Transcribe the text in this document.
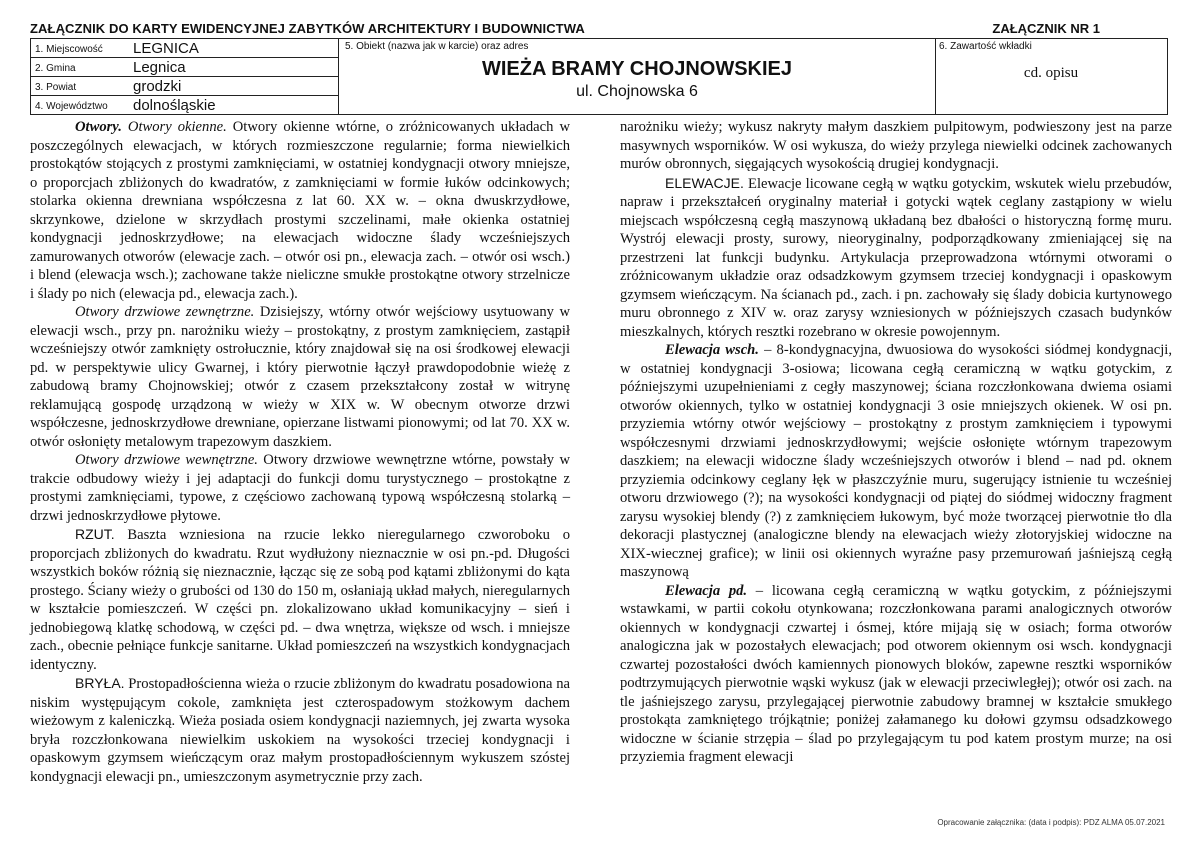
ZAŁĄCZNIK DO KARTY EWIDENCYJNEJ ZABYTKÓW ARCHITEKTURY I BUDOWNICTWA	ZAŁĄCZNIK NR 1
1. Miejscowość LEGNICA
2. Gmina	Legnica
3. Powiat	grodzki
4. Województwo dolnośląskie
5. Obiekt (nazwa jak w karcie) oraz adres
WIEŻA BRAMY CHOJNOWSKIEJ
ul. Chojnowska 6
6. Zawartość wkładki
cd. opisu

Otwory. Otwory okienne. Otwory okienne wtórne, o zróżnicowanych układach w poszczególnych elewacjach, w których rozmieszczone regularnie; forma niewielkich prostokątów stojących z prostymi zamknięciami, w ostatniej kondygnacji otwory mniejsze, o proporcjach zbliżonych do kwadratów, z zamknięciami w formie łuków odcinkowych; stolarka okienna drewniana współczesna z lat 60. XX w. – okna dwuskrzydłowe, skrzynkowe, dzielone w skrzydłach prostymi szczelinami, małe okienka ostatniej kondygnacji jednoskrzydłowe; na elewacjach widoczne ślady wcześniejszych zamurowanych otworów (elewacje zach. – otwór osi pn., elewacja zach. – otwór osi wsch.) i blend (elewacja wsch.); zachowane także nieliczne smukłe prostokątne otwory strzelnicze i ślady po nich (elewacja pd., elewacja zach.).

Otwory drzwiowe zewnętrzne. Dzisiejszy, wtórny otwór wejściowy usytuowany w elewacji wsch., przy pn. narożniku wieży – prostokątny, z prostym zamknięciem, zastąpił wcześniejszy otwór zamknięty ostrołucznie, który znajdował się na osi środkowej elewacji pd. w perspektywie ulicy Gwarnej, i który pierwotnie łączył prawdopodobnie wieżę z zabudową bramy Chojnowskiej; otwór z czasem przekształcony został w witrynę reklamującą gospodę urządzoną w wieży w XIX w. W obecnym otworze drzwi współczesne, jednoskrzydłowe drewniane, opierzane listwami pionowymi; od lat 70. XX w. otwór osłonięty metalowym trapezowym daszkiem.

Otwory drzwiowe wewnętrzne. Otwory drzwiowe wewnętrzne wtórne, powstały w trakcie odbudowy wieży i jej adaptacji do funkcji domu turystycznego – prostokątne z prostymi zamknięciami, typowe, z częściowo zachowaną typową współczesną stolarką – drzwi jednoskrzydłowe płytowe.

RZUT. Baszta wzniesiona na rzucie lekko nieregularnego czworoboku o proporcjach zbliżonych do kwadratu. Rzut wydłużony nieznacznie w osi pn.-pd. Długości wszystkich boków różnią się nieznacznie, łącząc się ze sobą pod kątami zbliżonymi do kąta prostego. Ściany wieży o grubości od 130 do 150 m, osłaniają układ małych, nieregularnych w kształcie pomieszczeń. W części pn. zlokalizowano układ komunikacyjny – sień i jednobiegową klatkę schodową, w części pd. – dwa wnętrza, większe od wsch. i mniejsze zach., obecnie pełniące funkcje sanitarne. Układ pomieszczeń na wszystkich kondygnacjach identyczny.

BRYŁA. Prostopadłościenna wieża o rzucie zbliżonym do kwadratu posadowiona na niskim występującym cokole, zamknięta jest czterospadowym stożkowym dachem wieżowym z kaleniczką. Wieża posiada osiem kondygnacji naziemnych, jej zwarta wysoka bryła rozczłonkowana niewielkim uskokiem na wysokości trzeciej kondygnacji i opaskowym gzymsem wieńczącym oraz małym prostopadłościennym wykuszem szóstej kondygnacji elewacji pn., umieszczonym asymetrycznie przy zach.

narożniku wieży; wykusz nakryty małym daszkiem pulpitowym, podwieszony jest na parze masywnych wsporników. W osi wykusza, do wieży przylega niewielki odcinek zachowanych murów obronnych, sięgających wysokością drugiej kondygnacji.

ELEWACJE. Elewacje licowane cegłą w wątku gotyckim, wskutek wielu przebudów, napraw i przekształceń oryginalny materiał i gotycki wątek ceglany zastąpiony w wielu miejscach współczesną cegłą maszynową układaną bez dbałości o historyczną formę muru. Wystrój elewacji prosty, surowy, nieoryginalny, podporządkowany zmieniającej się na przestrzeni lat funkcji budynku. Artykulacja przeprowadzona wtórnymi otworami o zróżnicowanym układzie oraz odsadzkowym gzymsem trzeciej kondygnacji i opaskowym gzymsem wieńczącym. Na ścianach pd., zach. i pn. zachowały się ślady dobicia kurtynowego muru obronnego z XIV w. oraz zarysy wzniesionych w późniejszych czasach budynków mieszkalnych, których resztki rozebrano w okresie powojennym.

Elewacja wsch. – 8-kondygnacyjna, dwuosiowa do wysokości siódmej kondygnacji, w ostatniej kondygnacji 3-osiowa; licowana cegłą ceramiczną w wątku gotyckim, z późniejszymi uzupełnieniami z cegły maszynowej; ściana rozczłonkowana dwiema osiami otworów okiennych, tylko w ostatniej kondygnacji 3 osie mniejszych okienek. W osi pn. przyziemia wtórny otwór wejściowy – prostokątny z prostym zamknięciem i typowymi współczesnymi drzwiami jednoskrzydłowymi; wejście osłonięte wtórnym trapezowym daszkiem; na elewacji widoczne ślady wcześniejszych otworów i blend – nad pd. oknem przyziemia odcinkowy ceglany łęk w płaszczyźnie muru, sugerujący istnienie tu wcześniej otworu drzwiowego (?); na wysokości kondygnacji od piątej do siódmej widoczny fragment zarysu wysokiej blendy (?) z zamknięciem łukowym, być może tworzącej pierwotnie tło dla dekoracji plastycznej (analogiczne blendy na elewacjach wieży złotoryjskiej widoczne na XIX-wiecznej grafice); w linii osi okiennych wyraźne pasy przemurowań jaśniejszą cegłą maszynową

Elewacja pd. – licowana cegłą ceramiczną w wątku gotyckim, z późniejszymi wstawkami, w partii cokołu otynkowana; rozczłonkowana parami analogicznych otworów okiennych w kondygnacji czwartej i ósmej, które mijają się w osiach; forma otworów analogiczna jak w pozostałych elewacjach; pod otworem okiennym osi wsch. kondygnacji czwartej pozostałości dwóch kamiennych pionowych bloków, zapewne resztki wsporników podtrzymujących pierwotnie wąski wykusz (jak w elewacji przeciwległej); otwór osi zach. na tle jaśniejszego zarysu, przylegającej pierwotnie zabudowy bramnej w kształcie smukłego prostokąta zamkniętego trójkątnie; poniżej załamanego ku dołowi gzymsu odsadzkowego widoczne w ścianie strzępia – ślad po przylegającym tu pod katem prostym murze; na osi przyziemia fragment elewacji

Opracowanie załącznika: (data i podpis): PDZ ALMA 05.07.2021
